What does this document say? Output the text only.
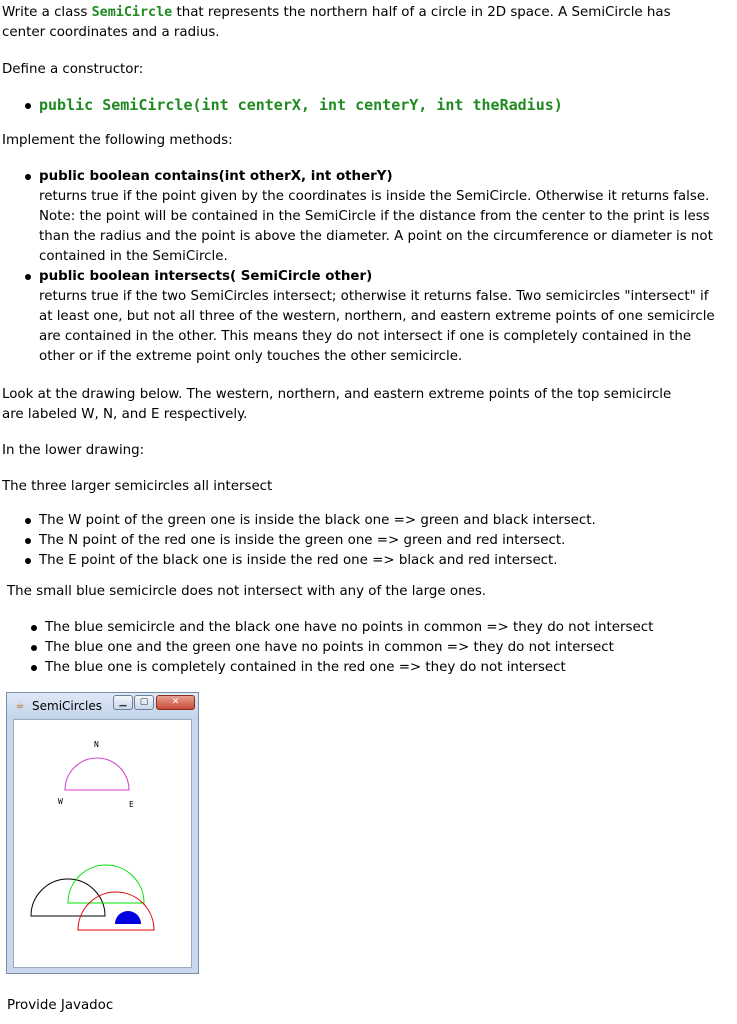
Write a class SemiCircle that represents the northern half of a circle in 2D space. A SemiCircle has
center coordinates and a radius.

Define a constructor:

public SemiCircle(int centerX, int centerY, int theRadius)

Implement the following methods:

public boolean contains(int otherX, int otherY)
returns true if the point given by the coordinates is inside the SemiCircle. Otherwise it returns false. Note: the point will be contained in the SemiCircle if the distance from the center to the print is less than the radius and the point is above the diameter. A point on the circumference or diameter is not contained in the SemiCircle.
public boolean intersects( SemiCircle other)
returns true if the two SemiCircles intersect; otherwise it returns false. Two semicircles "intersect" if at least one, but not all three of the western, northern, and eastern extreme points of one semicircle are contained in the other. This means they do not intersect if one is completely contained in the other or if the extreme point only touches the other semicircle.

Look at the drawing below. The western, northern, and eastern extreme points of the top semicircle
are labeled W, N, and E respectively.

In the lower drawing:

The three larger semicircles all intersect

The W point of the green one is inside the black one => green and black intersect.
The N point of the red one is inside the green one => green and red intersect.
The E point of the black one is inside the red one => black and red intersect.

The small blue semicircle does not intersect with any of the large ones.

The blue semicircle and the black one have no points in common => they do not intersect
The blue one and the green one have no points in common => they do not intersect
The blue one is completely contained in the red one => they do not intersect
☕ SemiCircles	▁	▢	✕
N
W	E

Provide Javadoc
